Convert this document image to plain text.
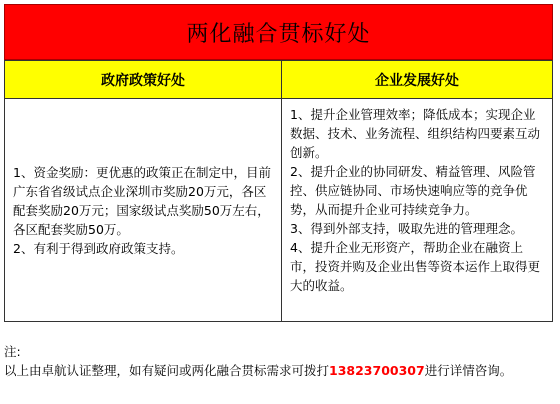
两化融合贯标好处
政府政策好处	企业发展好处

1、资金奖励：更优惠的政策正在制定中，目前广东省省级试点企业深圳市奖励20万元，各区配套奖励20万元；国家级试点奖励50万左右，各区配套奖励50万。

2、有利于得到政府政策支持。

1、提升企业管理效率；降低成本；实现企业数据、技术、业务流程、组织结构四要素互动创新。

2、提升企业的协同研发、精益管理、风险管控、供应链协同、市场快速响应等的竞争优势，从而提升企业可持续竞争力。

3、得到外部支持，吸取先进的管理理念。

4、提升企业无形资产，帮助企业在融资上市，投资并购及企业出售等资本运作上取得更大的收益。

注:
以上由卓航认证整理，如有疑问或两化融合贯标需求可拨打13823700307进行详情咨询。
